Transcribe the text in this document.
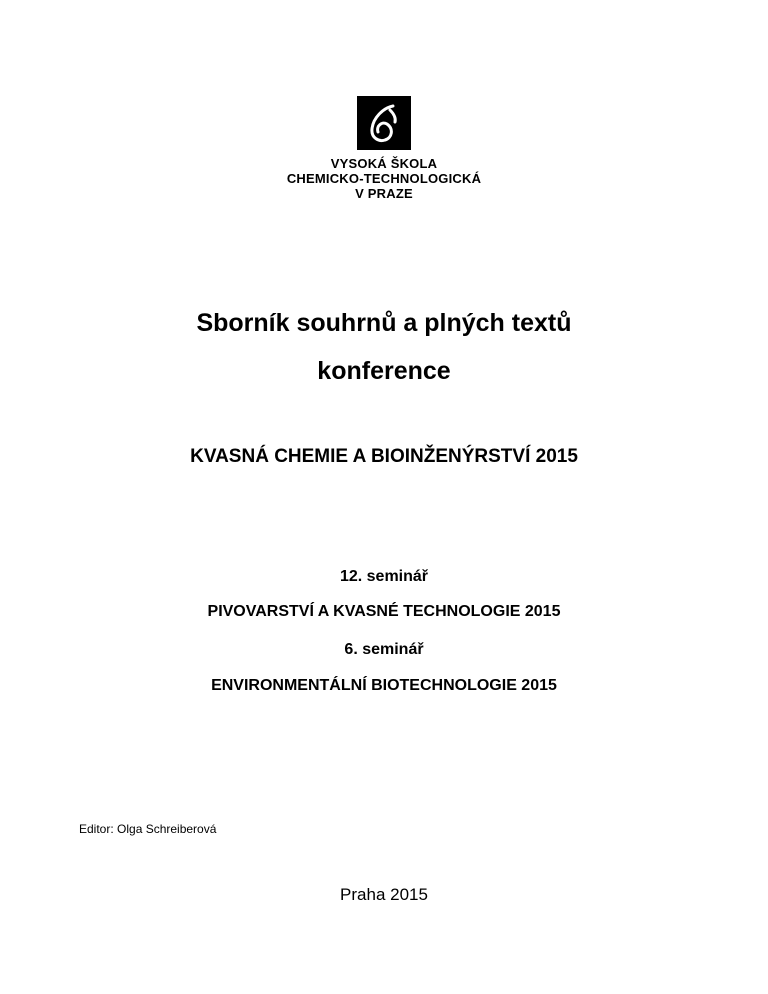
VYSOKÁ ŠKOLA
CHEMICKO-TECHNOLOGICKÁ
V PRAZE
Sborník souhrnů a plných textů
konference
KVASNÁ CHEMIE A BIOINŽENÝRSTVÍ 2015
12. seminář
PIVOVARSTVÍ A KVASNÉ TECHNOLOGIE 2015
6. seminář
ENVIRONMENTÁLNÍ BIOTECHNOLOGIE 2015
Editor: Olga Schreiberová
Praha 2015
